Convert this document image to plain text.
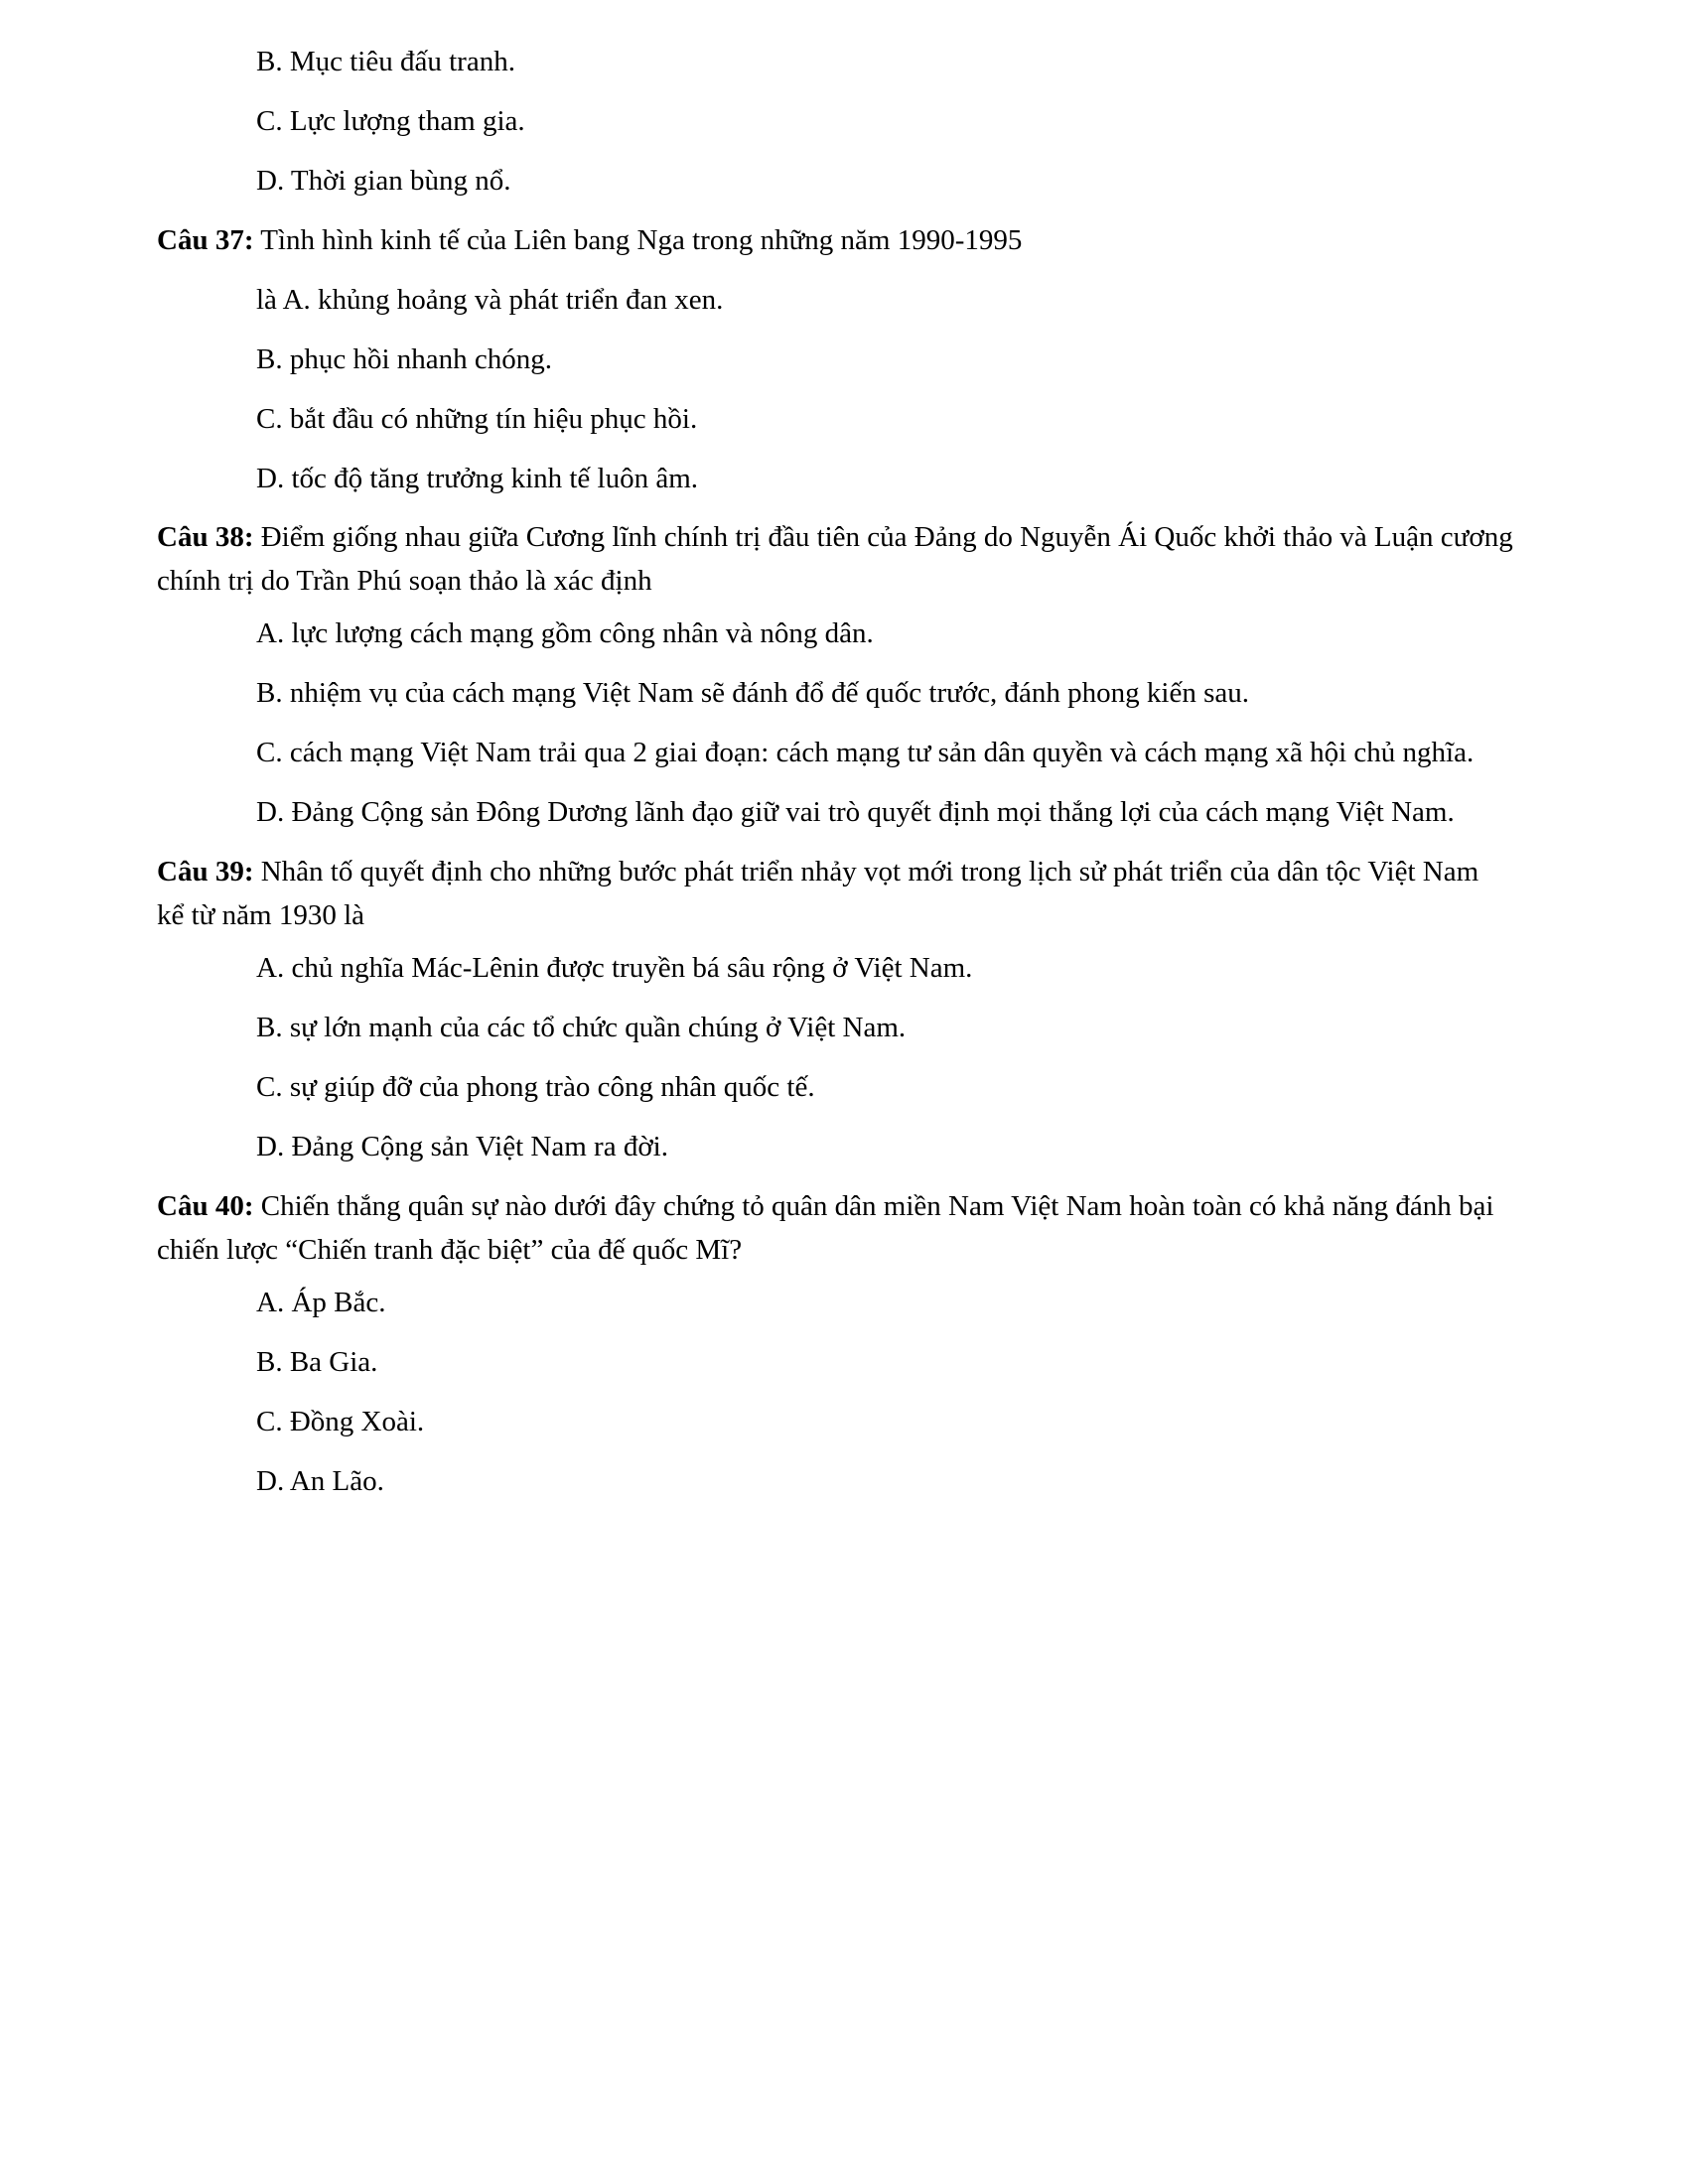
B. Mục tiêu đấu tranh.
C. Lực lượng tham gia.
D. Thời gian bùng nổ.
Câu 37: Tình hình kinh tế của Liên bang Nga trong những năm 1990-1995
là A. khủng hoảng và phát triển đan xen.
B. phục hồi nhanh chóng.
C. bắt đầu có những tín hiệu phục hồi.
D. tốc độ tăng trưởng kinh tế luôn âm.
Câu 38: Điểm giống nhau giữa Cương lĩnh chính trị đầu tiên của Đảng do Nguyễn Ái Quốc khởi thảo và Luận cương
chính trị do Trần Phú soạn thảo là xác định
A. lực lượng cách mạng gồm công nhân và nông dân.
B. nhiệm vụ của cách mạng Việt Nam sẽ đánh đổ đế quốc trước, đánh phong kiến sau.
C. cách mạng Việt Nam trải qua 2 giai đoạn: cách mạng tư sản dân quyền và cách mạng xã hội chủ nghĩa.
D. Đảng Cộng sản Đông Dương lãnh đạo giữ vai trò quyết định mọi thắng lợi của cách mạng Việt Nam.
Câu 39: Nhân tố quyết định cho những bước phát triển nhảy vọt mới trong lịch sử phát triển của dân tộc Việt Nam
kể từ năm 1930 là
A. chủ nghĩa Mác-Lênin được truyền bá sâu rộng ở Việt Nam.
B. sự lớn mạnh của các tổ chức quần chúng ở Việt Nam.
C. sự giúp đỡ của phong trào công nhân quốc tế.
D. Đảng Cộng sản Việt Nam ra đời.
Câu 40: Chiến thắng quân sự nào dưới đây chứng tỏ quân dân miền Nam Việt Nam hoàn toàn có khả năng đánh bại
chiến lược “Chiến tranh đặc biệt” của đế quốc Mĩ?
A. Áp Bắc.
B. Ba Gia.
C. Đồng Xoài.
D. An Lão.
